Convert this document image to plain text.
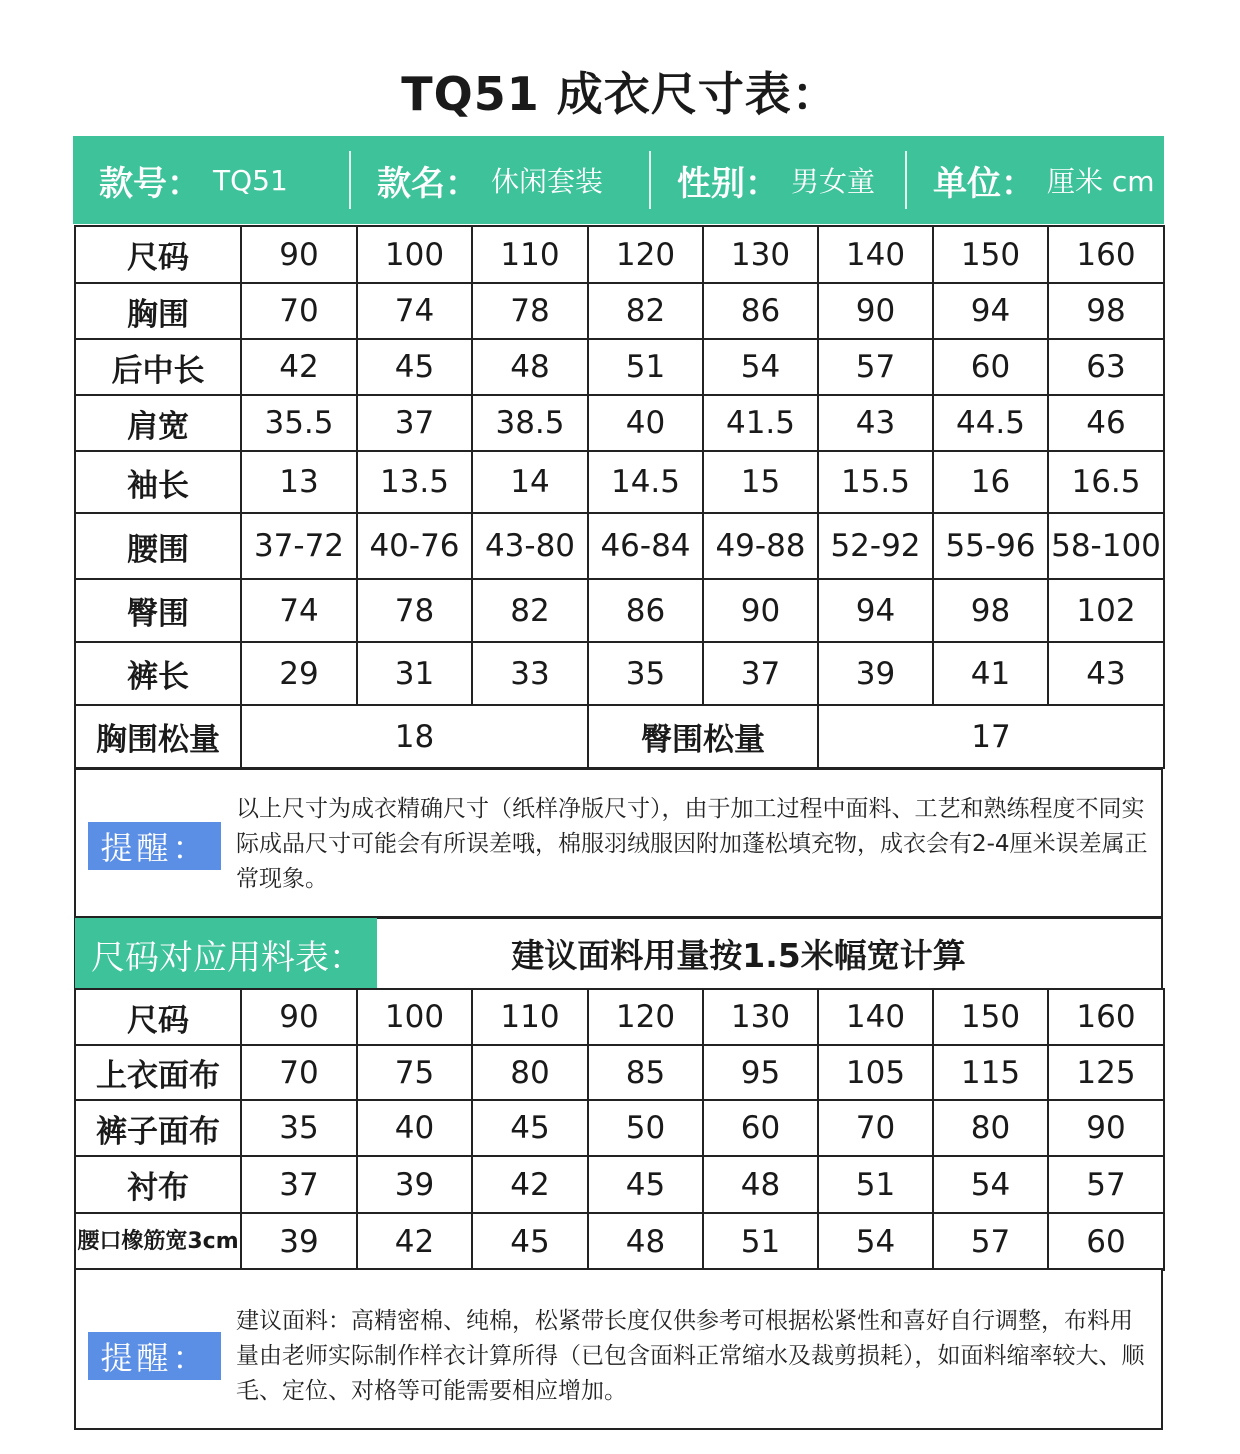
TQ51 成衣尺寸表：
款号： TQ51	款名： 休闲套装 性别： 男女童 单位： 厘米 cm
尺码	90	100	110	120	130	140	150	160
胸围	70	74	78	82	86	90	94	98
后中长	42	45	48	51	54	57	60	63
肩宽	35.5	37	38.5	40	41.5	43	44.5	46
袖长	13	13.5	14	14.5	15	15.5	16	16.5
腰围	37-72	40-76	43-80	46-84	49-88	52-92	55-96	58-100
臀围	74	78	82	86	90	94	98	102
裤长	29	31	33	35	37	39	41	43
胸围松量	18			臀围松量		17		
提醒：
以上尺寸为成衣精确尺寸（纸样净版尺寸），由于加工过程中面料、工艺和熟练程度不同实际成品尺寸可能会有所误差哦，棉服羽绒服因附加蓬松填充物，成衣会有2-4厘米误差属正常现象。
尺码对应用料表：	建议面料用量按1.5米幅宽计算
尺码	90	100	110	120	130	140	150	160
上衣面布	70	75	80	85	95	105	115	125
裤子面布	35	40	45	50	60	70	80	90
衬布	37	39	42	45	48	51	54	57
腰口橡筋宽3cm	39	42	45	48	51	54	57	60
提醒：
建议面料：高精密棉、纯棉，松紧带长度仅供参考可根据松紧性和喜好自行调整，布料用量由老师实际制作样衣计算所得（已包含面料正常缩水及裁剪损耗），如面料缩率较大、顺毛、定位、对格等可能需要相应增加。
